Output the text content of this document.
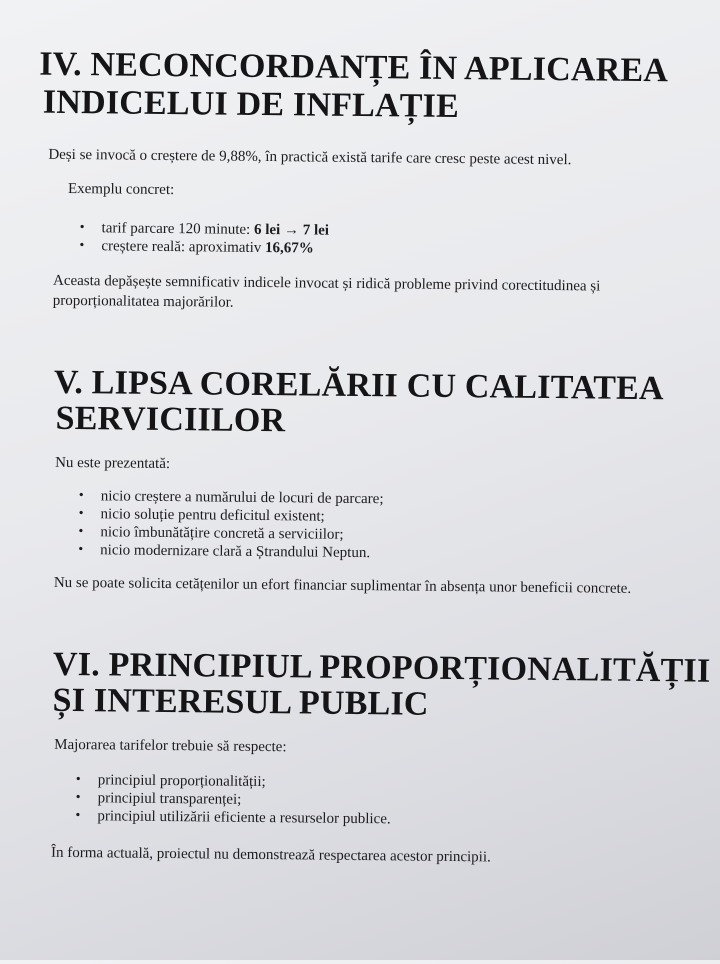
IV. NECONCORDANȚE ÎN APLICAREA
INDICELUI DE INFLAȚIE

Deși se invocă o creștere de 9,88%, în practică există tarife care cresc peste acest nivel.

Exemplu concret:

• tarif parcare 120 minute: 6 lei → 7 lei
• creștere reală: aproximativ 16,67%

Aceasta depășește semnificativ indicele invocat și ridică probleme privind corectitudinea și proporționalitatea majorărilor.

V. LIPSA CORELĂRII CU CALITATEA
SERVICIILOR

Nu este prezentată:

• nicio creștere a numărului de locuri de parcare;
• nicio soluție pentru deficitul existent;
• nicio îmbunătățire concretă a serviciilor;
• nicio modernizare clară a Ștrandului Neptun.

Nu se poate solicita cetățenilor un efort financiar suplimentar în absența unor beneficii concrete.

VI. PRINCIPIUL PROPORȚIONALITĂȚII
ȘI INTERESUL PUBLIC

Majorarea tarifelor trebuie să respecte:

• principiul proporționalității;
• principiul transparenței;
• principiul utilizării eficiente a resurselor publice.

În forma actuală, proiectul nu demonstrează respectarea acestor principii.
